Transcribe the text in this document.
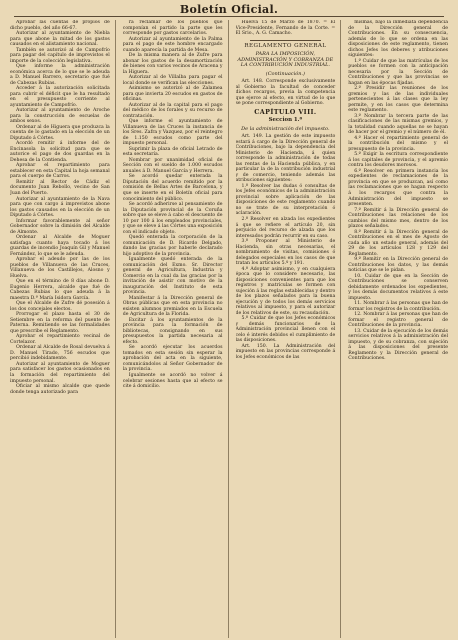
Boletín Oficial.

Aprobar las cuentas de propios de dicho pueblo, del año 66-67.

Autorizar al ayuntamiento de Niebla para que abone la mitad de los gastos causados en el alistamiento nacional.

También se autorizó al de Campofrío para pagar del capítulo de imprevistos el importe de la colección legislativa.

Que informe la administración económica acerca de lo que se le adeuda a D. Manuel Barrero, secretario que fué de Cabezas Rubias.

Acceder á la autorización solicitada para cubrir el déficit que le ha resultado en el presupuesto corriente al ayuntamiento de Campofrío.

Autorizar al ayuntamiento de Aroche para la construcción de escuelas de ambos sexos.

Ordenar al de Higuera que produzca la cuenta de lo gastado en la elección de un Diputado á Córtes.

Acordó remitir á informe del de Encinasola la solicitud para que se autorice el pago de dos guardas en la Dehesa de la Contienda.

Aprobar el repartimiento para establecer en esta Capital la hoja semanal para el cuerpo de Carros.

Remitir al Rector de Cádiz el documento Juan Rebollo, vecino de San Juan del Puerto.

Autorizar al ayuntamiento de la Nava para que con cargo á imprevistos abone los gastos causados en la elección de un Diputado á Córtes.

Informar favorablemente al señor Gobernador sobre la dimisión del Alcalde de Almonte.

Ordenar al Alcalde de Moguer satisfaga cuanto haya tocado á los guardas de incendio Joaquín Gil y Manuel Fernández, lo que se le adeuda.

Aprobar el adeudo por las de los pueblos de Villanueva de las Cruces, Villanueva de los Castillejos, Alosno y Huelva.

Que en el término de 8 días abone D. Eugenio Herrera, alcalde que fué de Cabezas Rubias lo que adeuda á la maestra D.ª María Isidora García.

Que el Alcalde de Zufre dé posesión á los dos concejales electos.

Prorrogar el plazo hasta el 30 de Setiembre en la reforma del puente de Paterna. Remitiendo se las formalidades que prescribe el Reglamento.

Aprobar el repartimiento vecinal de Cortelazor.

Ordenar al Alcalde de Rosal devuelva á D. Manuel Tirado, 756 escudos que percibió indebidamente.

Autorizar al ayuntamiento de Moguer para satisfacer los gastos ocasionados en la formación del repartimiento del impuesto personal.

Oficiar al mismo alcalde que quede donde tenga autorizado para

ra reclamar de los pueblos que componían el partido la parte que les corresponde por gastos carcelarios.

Autorizar al ayuntamiento de la Palma para el pago de este hombre encargado cuando aparecía la partida de Mesa.

De la misma manera al de Zufre para abonar los gastos de la desamortización de bienes con varios vecinos de Aracena y la Higuera.

Autorizar al de Villalba para pagar el local donde se verifican las elecciones.

Asimismo se autorizó al de Zalamea para que invierta 20 escudos en gastos de oficinas.

Autorizar al de la capital para el pago del médico de los forales y su recurso de contratación.

Que informe el ayuntamiento de Villanueva de las Cruces la instancia de los Sres. Zafra y Vazquez, por el reintegro de 1.150 escudos como parte del impuesto personal.

Suprimir la plaza de oficial Letrado de esta secretaría.

Nombrar por unanimidad oficial de Sección con el sueldo de 1.000 escudos anuales á D. Manuel García y Herrera.

Se acordó quedar enterada la Diputación del acuerdo remitido por la comisión de Bellas Artes de Barcelona, y que se inserte en el Boletín oficial para conocimiento del público.

Se acordó adherirse al pensamiento de la Diputación provincial de la Coruña sobre que se eleve á cabo el descuento de 10 por 100 á los empleados provinciales, y que se eleve á las Córtes una exposición con el indicado objeto.

Quedó enterada la corporación de la comunicación de D. Ricardo Delgado, dando las gracias por haberle declarado hijo adoptivo de la provincia.

Igualmente quedó enterada de la comunicación del Exmo. Sr. Director general de Agricultura, Industria y Comercio en la cual da las gracias por la invitación de asistir con motivo de la inauguración del Instituto de esta provincia.

Manifestar á la Dirección general de Obras públicas que en esta provincia no existen alumnos premiados en la Escuela de Agricultura de la Florida.

Excitar á los ayuntamientos de la provincia para la formación de bibliotecas, consignando en sus presupuestos la partida necesaria al efecto.

Se acordó ejecutar los acuerdos tomados en esta sesión sin esperar la aprobación del acta en la siguiente, comunicándolos al Señor Gobernador de la provincia.

Igualmente se acordó no volver á celebrar sesiones hasta que al efecto se cite á domicilio.

Huelva 15 de Marzo de 1870. = El Vice-Presidente, Fernando de la Corte. = El Srio., A. G. Camacho.

REGLAMENTO GENERAL

PARA LA IMPOSICIÓN, ADMINISTRACIÓN Y COBRANZA DE LA CONTRIBUCIÓN INDUSTRIAL.

(Continuación.)

Art. 148. Corresponde exclusivamente al Gobierno la facultad de conceder dichos recargos, previa la competencia que ejerce al efecto, en virtud de lo que se pone correspondiente al Gobierno.

CAPÍTULO VIII.

Seccion 1.ª

De la administración del impuesto.

Art. 149. La gestión de este impuesto estará á cargo de la Dirección general de Contribuciones, bajo la dependencia del Ministerio de Hacienda, á quien corresponde la administración de todas las rentas de la Hacienda pública, y en particular la de la contribución industrial y de comercio, teniendo además las atribuciones siguientes:

1.º Resolver las dudas ó consultas de los Jefes económicos de la administración provincial sobre aplicación de las disposiciones de este reglamento cuando no se trate de su interpretación ó aclaración.

2.º Resolver en alzada los expedientes á que se refiere el artículo 20, sin perjuicio del recurso de alzada que los interesados podrán recurrir en su caso.

3.º Proponer al Ministerio de Hacienda, sin otras necesarias, el nombramiento de visitas, comisiones ó delegados especiales en los casos de que tratan los artículos 5.º y 191.

4.º Adoptar asimismo, y en cualquiera época que lo considere necesario, las disposiciones convenientes para que los registros y matrículas se formen con sujeción á las reglas establecidas y dentro de los plazos señalados para la buena ejecución y de todos los demás servicios relativos al impuesto, y para el autorizar de los relativos de este, su recaudación.

5.º Cuidar de que los Jefes económicos y demás funcionarios de la Administración provincial llenen con el celo é interés debidos el cumplimiento de las disposiciones.

Art. 150. La Administración del impuesto en las provincias corresponde á los Jefes económicos de las

mismas, bajo la inmediata dependencia de la Dirección general de Contribuciones. En su consecuencia, además de lo que se ordena en las disposiciones de este reglamento, tienen dichos Jefes los deberes y atribuciones siguientes:

1.º Cuidar de que las matrículas de los pueblos se formen con la anticipación necesaria por la Sección de Contribuciones y que las provincias se hagan en las épocas fijadas.

2.º Presidir las reuniones de los gremios y las de las individuales pertenecientes á las clases que la ley permite, y en los casos que determina este reglamento.

3.º Nombrar la tercera parte de las clasificaciones de las mismas gremios, y la totalidad cuando aquellas no se hayan de hacer por el gremio y el número de él.

4.º Hacer el repartimiento general de la contribución del mismo y el presupuesto de la provincia.

5.º Exigir la escritura correspondiente á los capitales de provincia, y el apremio contra los deudores morosos.

6.º Resolver en primera instancia los expedientes de reclamaciones de la provincia en que se produzcan, así como las reclamaciones que se hagan respecto á los recargos que contra la Administración del impuesto se presenten.

7.º Remitir á la Dirección general de Contribuciones las relaciones de los cambios del mismo mes, dentro de los plazos señalados.

8.º Remitir á la Dirección general de Contribuciones en el mes de Agosto de cada año un estado general, además del 29 de los artículos 128 y 129 del Reglamento.

9.º Remitir en la Dirección general de Contribuciones los datos, y las demás noticias que se le pidan.

10. Cuidar de que en la Sección de Contribuciones se conserven debidamente ordenados los expedientes, y los demás documentos relativos á este impuesto.

11. Nombrar á las personas que han de formar los registros de la contribución.

12. Nombrar á las personas que han de formar el registro general de Contribuciones de la provincia.

13. Cuidar de la ejecución de los demás servicios relativos á la administración del impuesto, y de su cobranza, con sujeción á las disposiciones del presente Reglamento y la Dirección general de Contribuciones.
